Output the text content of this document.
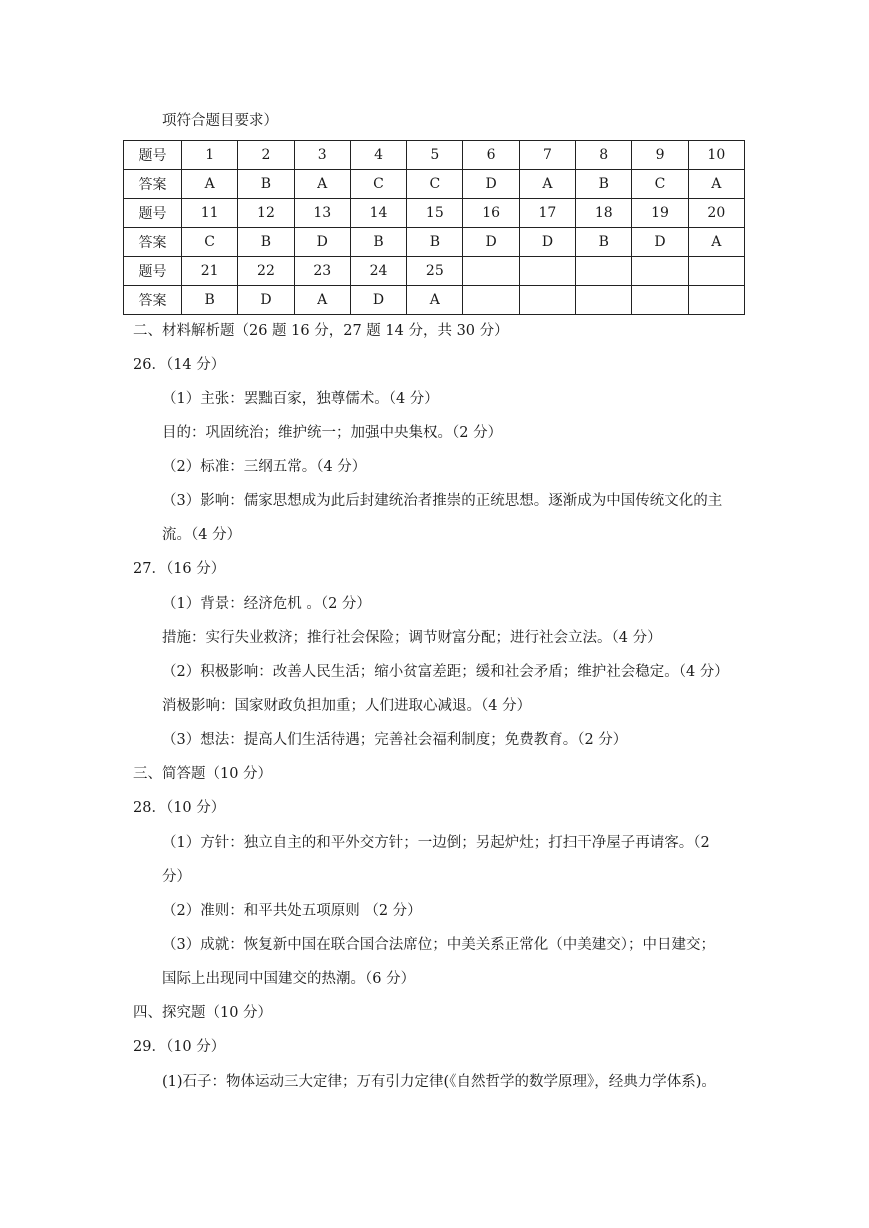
项符合题目要求）
题号	1	2	3	4	5	6	7	8	9	10
答案	A	B	A	C	C	D	A	B	C	A
题号	11	12	13	14	15	16	17	18	19	20
答案	C	B	D	B	B	D	D	B	D	A
题号	21	22	23	24	25					
答案	B	D	A	D	A					
二、材料解析题（26 题 16 分，27 题 14 分，共 30 分）
26．（14 分）
（1）主张：罢黜百家，独尊儒术。（4 分）
目的：巩固统治；维护统一；加强中央集权。（2 分）
（2）标准：三纲五常。（4 分）
（3）影响：儒家思想成为此后封建统治者推崇的正统思想。逐渐成为中国传统文化的主
流。（4 分）
27．（16 分）
（1）背景：经济危机 。（2 分）
措施：实行失业救济；推行社会保险；调节财富分配；进行社会立法。（4 分）
（2）积极影响：改善人民生活；缩小贫富差距；缓和社会矛盾；维护社会稳定。（4 分）
消极影响：国家财政负担加重；人们进取心减退。（4 分）
（3）想法：提高人们生活待遇；完善社会福利制度；免费教育。（2 分）
三、简答题（10 分）
28．（10 分）
（1）方针：独立自主的和平外交方针；一边倒；另起炉灶；打扫干净屋子再请客。（2
分）
（2）准则：和平共处五项原则 （2 分）
（3）成就：恢复新中国在联合国合法席位；中美关系正常化（中美建交）；中日建交；
国际上出现同中国建交的热潮。（6 分）
四、探究题（10 分）
29．（10 分）
(1)石子：物体运动三大定律；万有引力定律(《自然哲学的数学原理》，经典力学体系)。
